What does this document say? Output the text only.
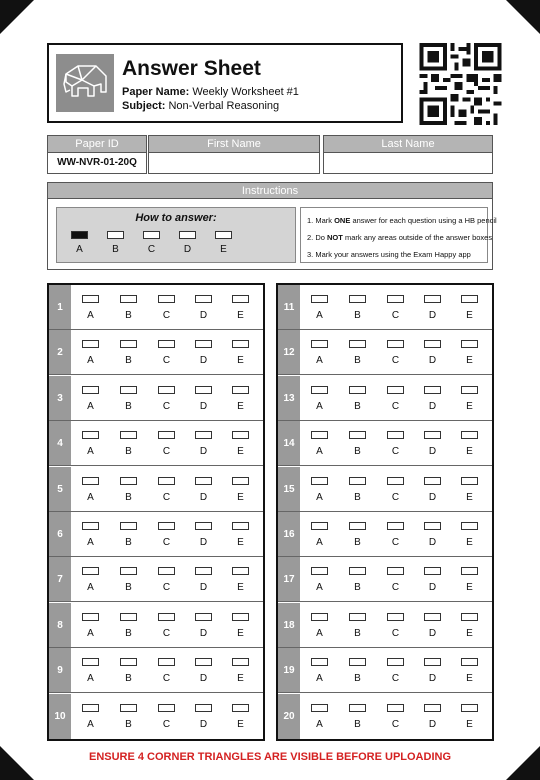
Answer Sheet
Paper Name: Weekly Worksheet #1
Subject: Non-Verbal Reasoning
Paper ID
WW-NVR-01-20Q
First Name	Last Name
Instructions
How to answer:
A	B	C	D	E
1. Mark ONE answer for each question using a HB pencil
2. Do NOT mark any areas outside of the answer boxes
3. Mark your answers using the Exam Happy app
1
A	B	C	D	E
2
A	B	C	D	E
3
A	B	C	D	E
4
A	B	C	D	E
5
A	B	C	D	E
6
A	B	C	D	E
7
A	B	C	D	E
8
A	B	C	D	E
9
A	B	C	D	E
10
A	B	C	D	E
11
A	B	C	D	E
12
A	B	C	D	E
13
A	B	C	D	E
14
A	B	C	D	E
15
A	B	C	D	E
16
A	B	C	D	E
17
A	B	C	D	E
18
A	B	C	D	E
19
A	B	C	D	E
20
A	B	C	D	E
ENSURE 4 CORNER TRIANGLES ARE VISIBLE BEFORE UPLOADING
